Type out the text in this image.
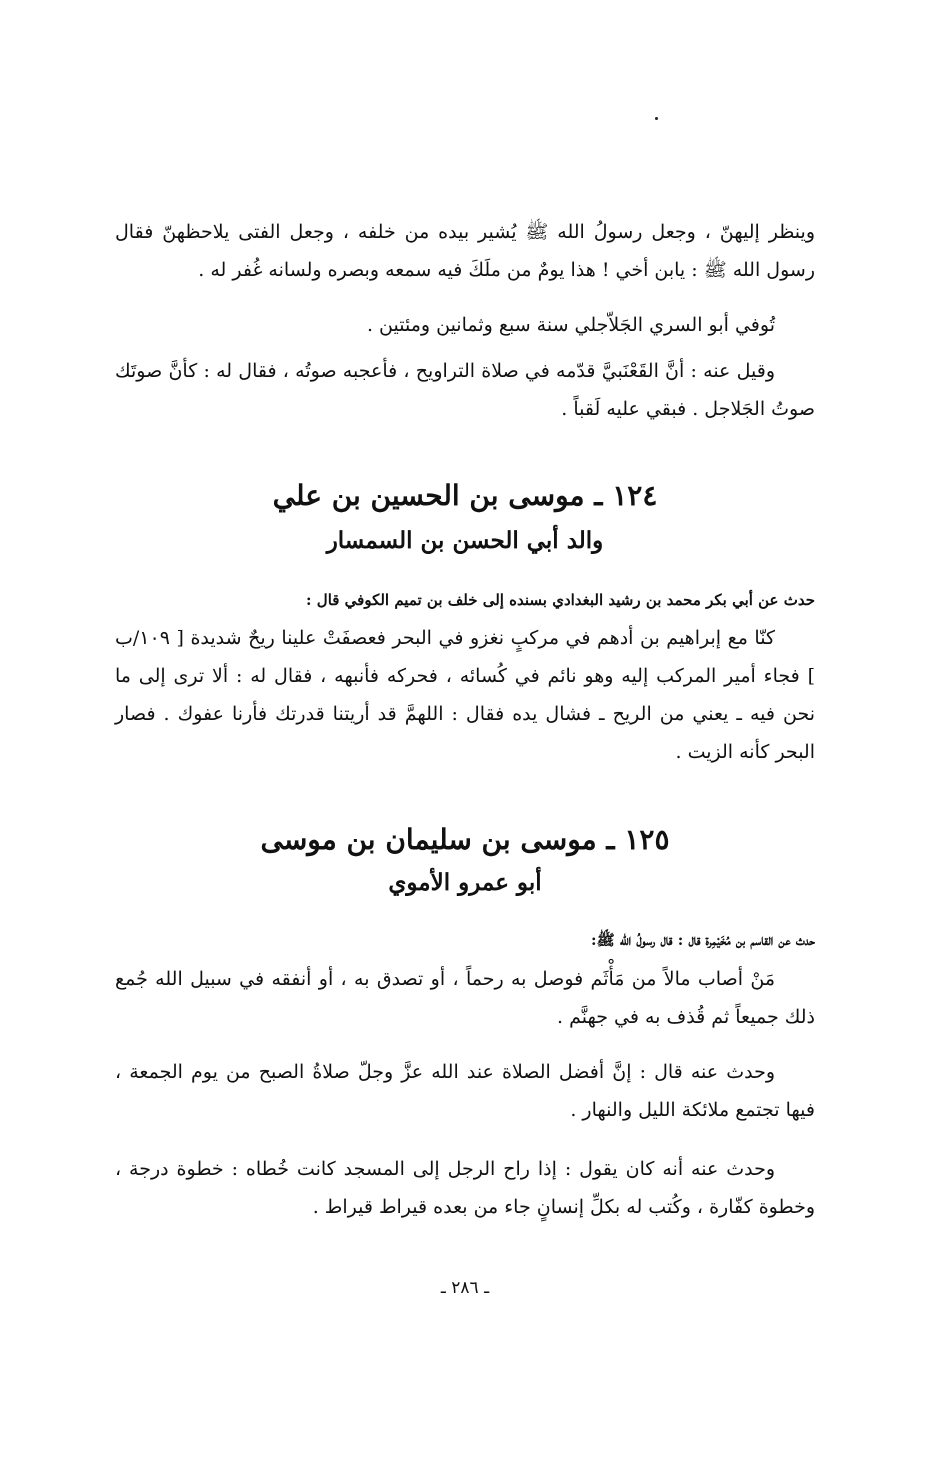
وينظر إليهنّ ، وجعل رسولُ الله ﷺ يُشير بيده من خلفه ، وجعل الفتى يلاحظهنّ فقال رسول الله ﷺ : يابن أخي ! هذا يومٌ من ملَكَ فيه سمعه وبصره ولسانه غُفر له .

تُوفي أبو السري الجَلاّجلي سنة سبع وثمانين ومئتين .

وقيل عنه : أنَّ القَعْنَبيَّ قدّمه في صلاة التراويح ، فأعجبه صوتُه ، فقال له : كأنَّ صوتَك صوتُ الجَلاجل . فبقي عليه لَقباً .

١٢٤ ـ موسى بن الحسين بن علي
والد أبي الحسن بن السمسار

حدث عن أبي بكر محمد بن رشيد البغدادي بسنده إلى خلف بن تميم الكوفي قال :

كنّا مع إبراهيم بن أدهم في مركبٍ نغزو في البحر فعصفَتْ علينا ريحٌ شديدة [ ١٠٩/ب ] فجاء أمير المركب إليه وهو نائم في كُسائه ، فحركه فأنبهه ، فقال له : ألا ترى إلى ما نحن فيه ـ يعني من الريح ـ فشال يده فقال : اللهمَّ قد أريتنا قدرتك فأرنا عفوك . فصار البحر كأنه الزيت .

١٢٥ ـ موسى بن سليمان بن موسى
أبو عمرو الأموي

حدث عن القاسم بن مُخَيْمِرة قال : قال رسولُ الله ﷺ:

مَنْ أصاب مالاً من مَأْثَم فوصل به رحماً ، أو تصدق به ، أو أنفقه في سبيل الله جُمع ذلك جميعاً ثم قُذف به في جهنَّم .

وحدث عنه قال : إنَّ أفضل الصلاة عند الله عزَّ وجلّ صلاةُ الصبح من يوم الجمعة ، فيها تجتمع ملائكة الليل والنهار .

وحدث عنه أنه كان يقول : إذا راح الرجل إلى المسجد كانت خُطاه : خطوة درجة ، وخطوة كفّارة ، وكُتب له بكلِّ إنسانٍ جاء من بعده قيراط قيراط .

ـ ٢٨٦ ـ
